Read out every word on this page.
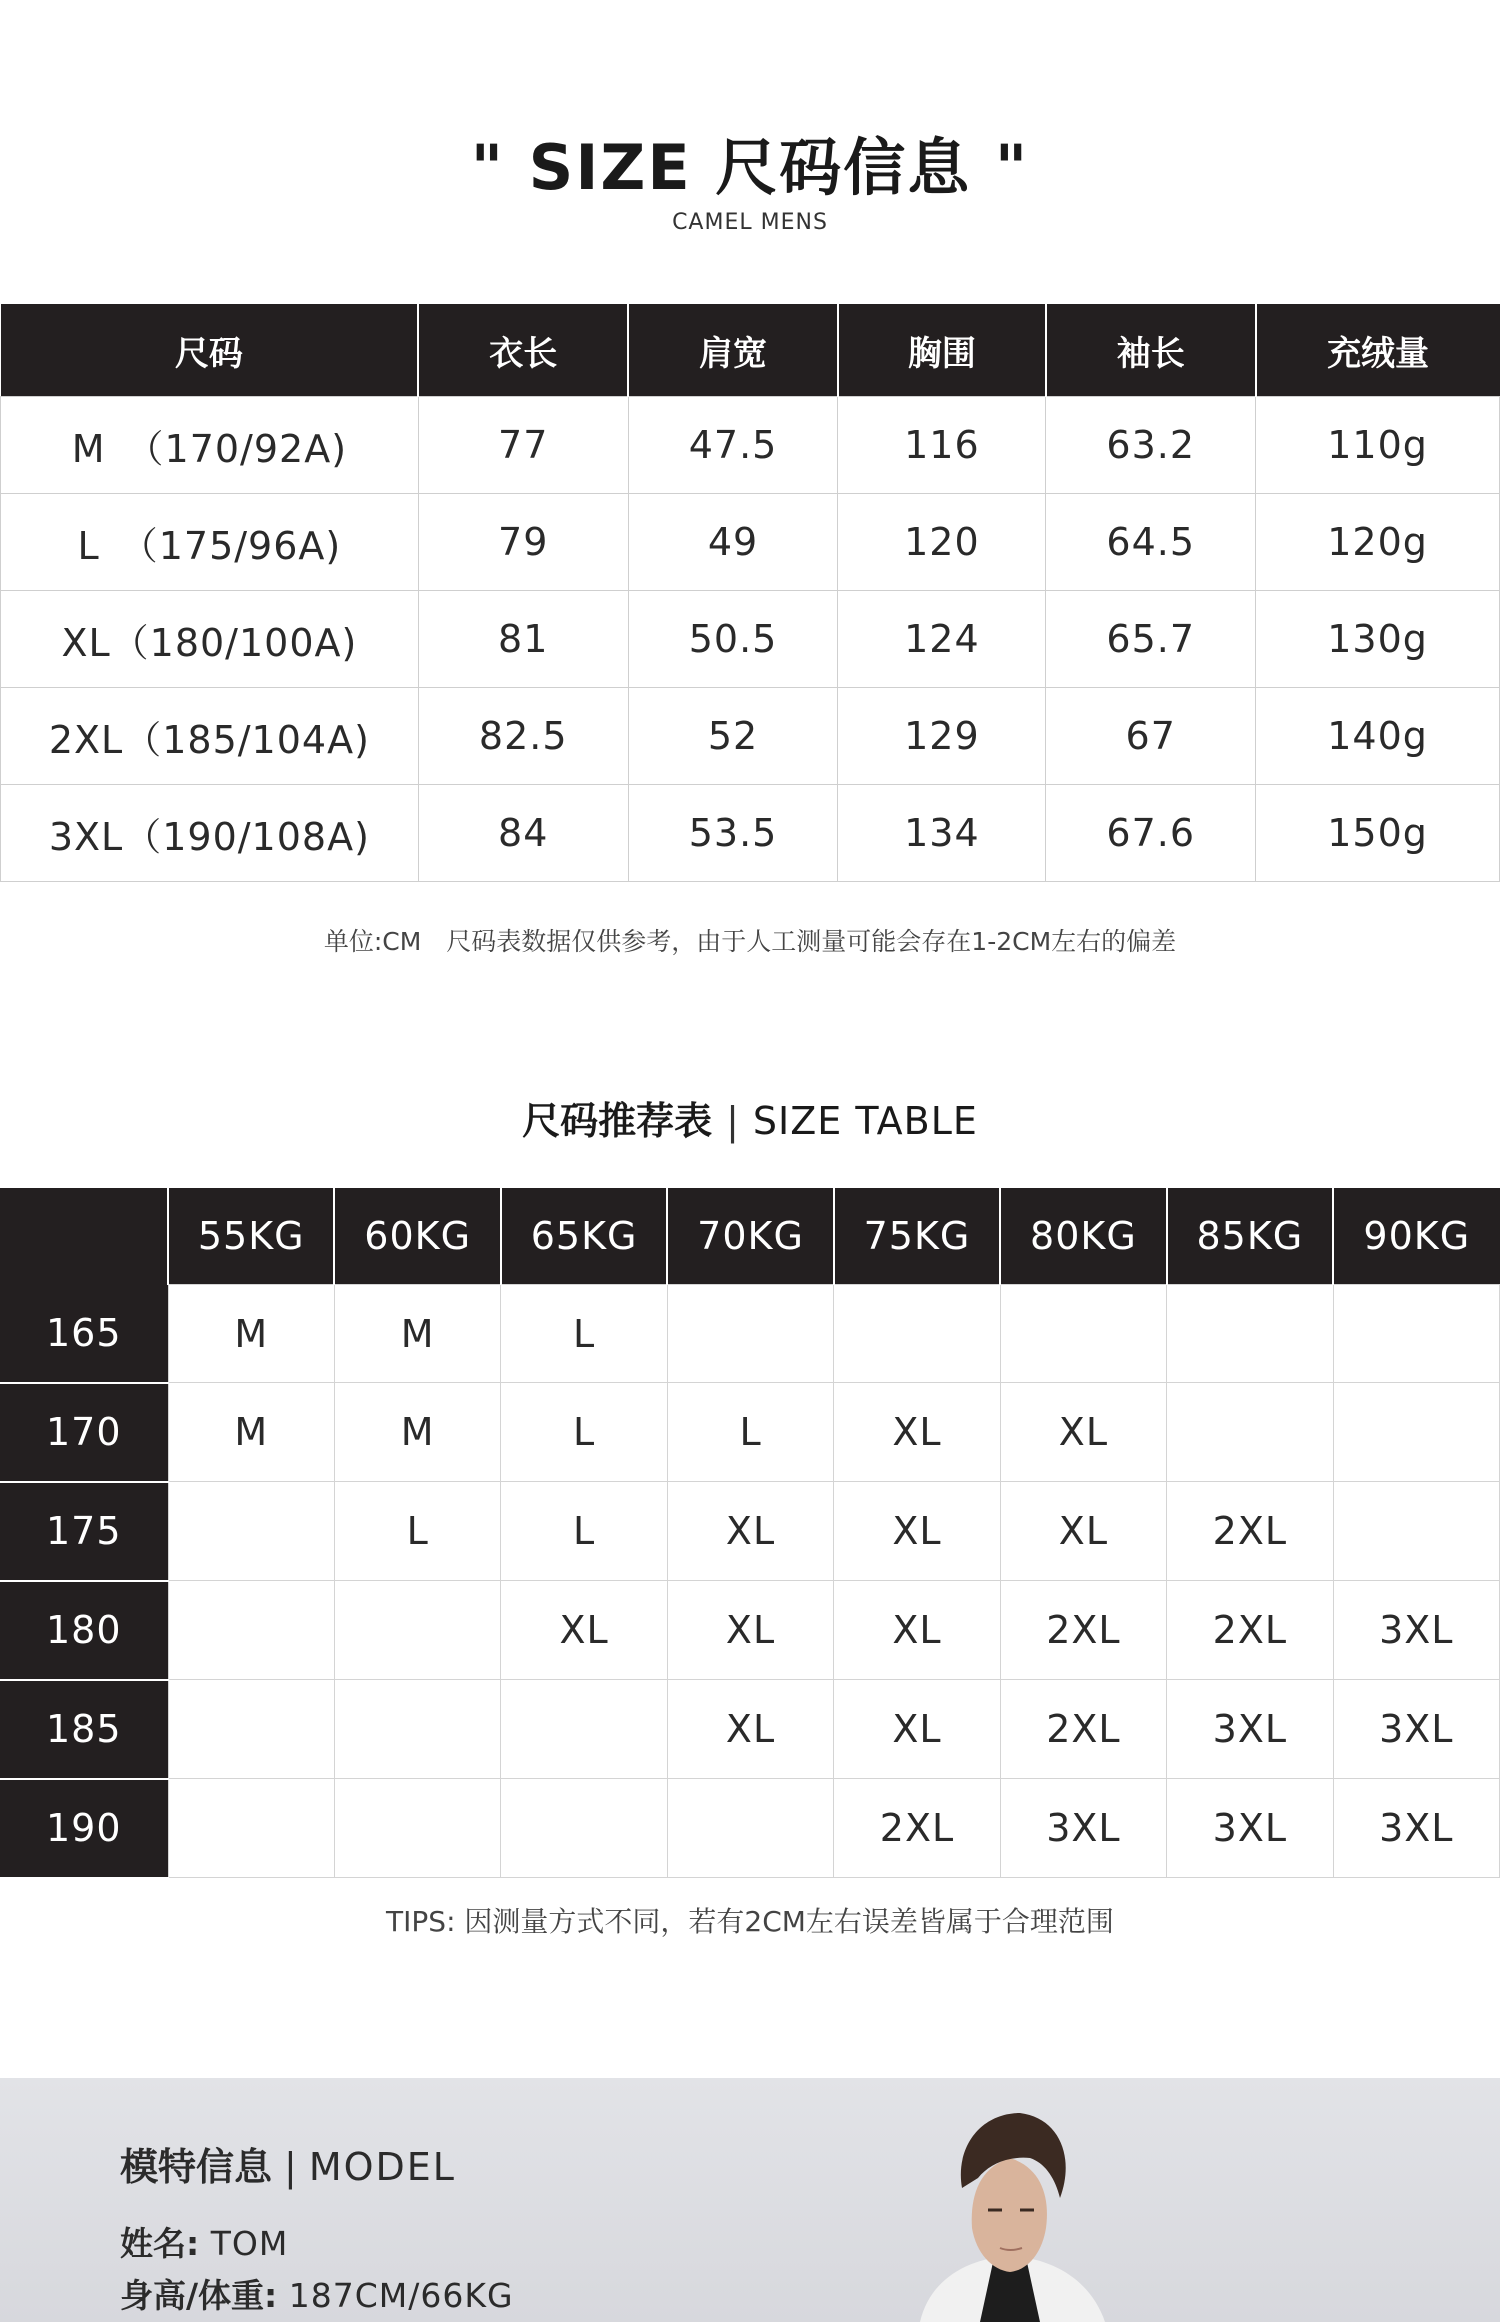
" SIZE 尺码信息 "
CAMEL MENS
尺码	衣长	肩宽	胸围	袖长	充绒量
M　（170/92A)	77	47.5	116	63.2	110g
L　（175/96A)	79	49	120	64.5	120g
XL（180/100A)	81	50.5	124	65.7	130g
2XL（185/104A)	82.5	52	129	67	140g
3XL（190/108A)	84	53.5	134	67.6	150g
单位:CM　尺码表数据仅供参考，由于人工测量可能会存在1-2CM左右的偏差
尺码推荐表 | SIZE TABLE
	55KG	60KG	65KG	70KG	75KG	80KG	85KG	90KG
165	M	M	L					
170	M	M	L	L	XL	XL		
175		L	L	XL	XL	XL	2XL	
180			XL	XL	XL	2XL	2XL	3XL
185				XL	XL	2XL	3XL	3XL
190					2XL	3XL	3XL	3XL
TIPS: 因测量方式不同，若有2CM左右误差皆属于合理范围
模特信息 | MODEL
姓名: TOM
身高/体重: 187CM/66KG
